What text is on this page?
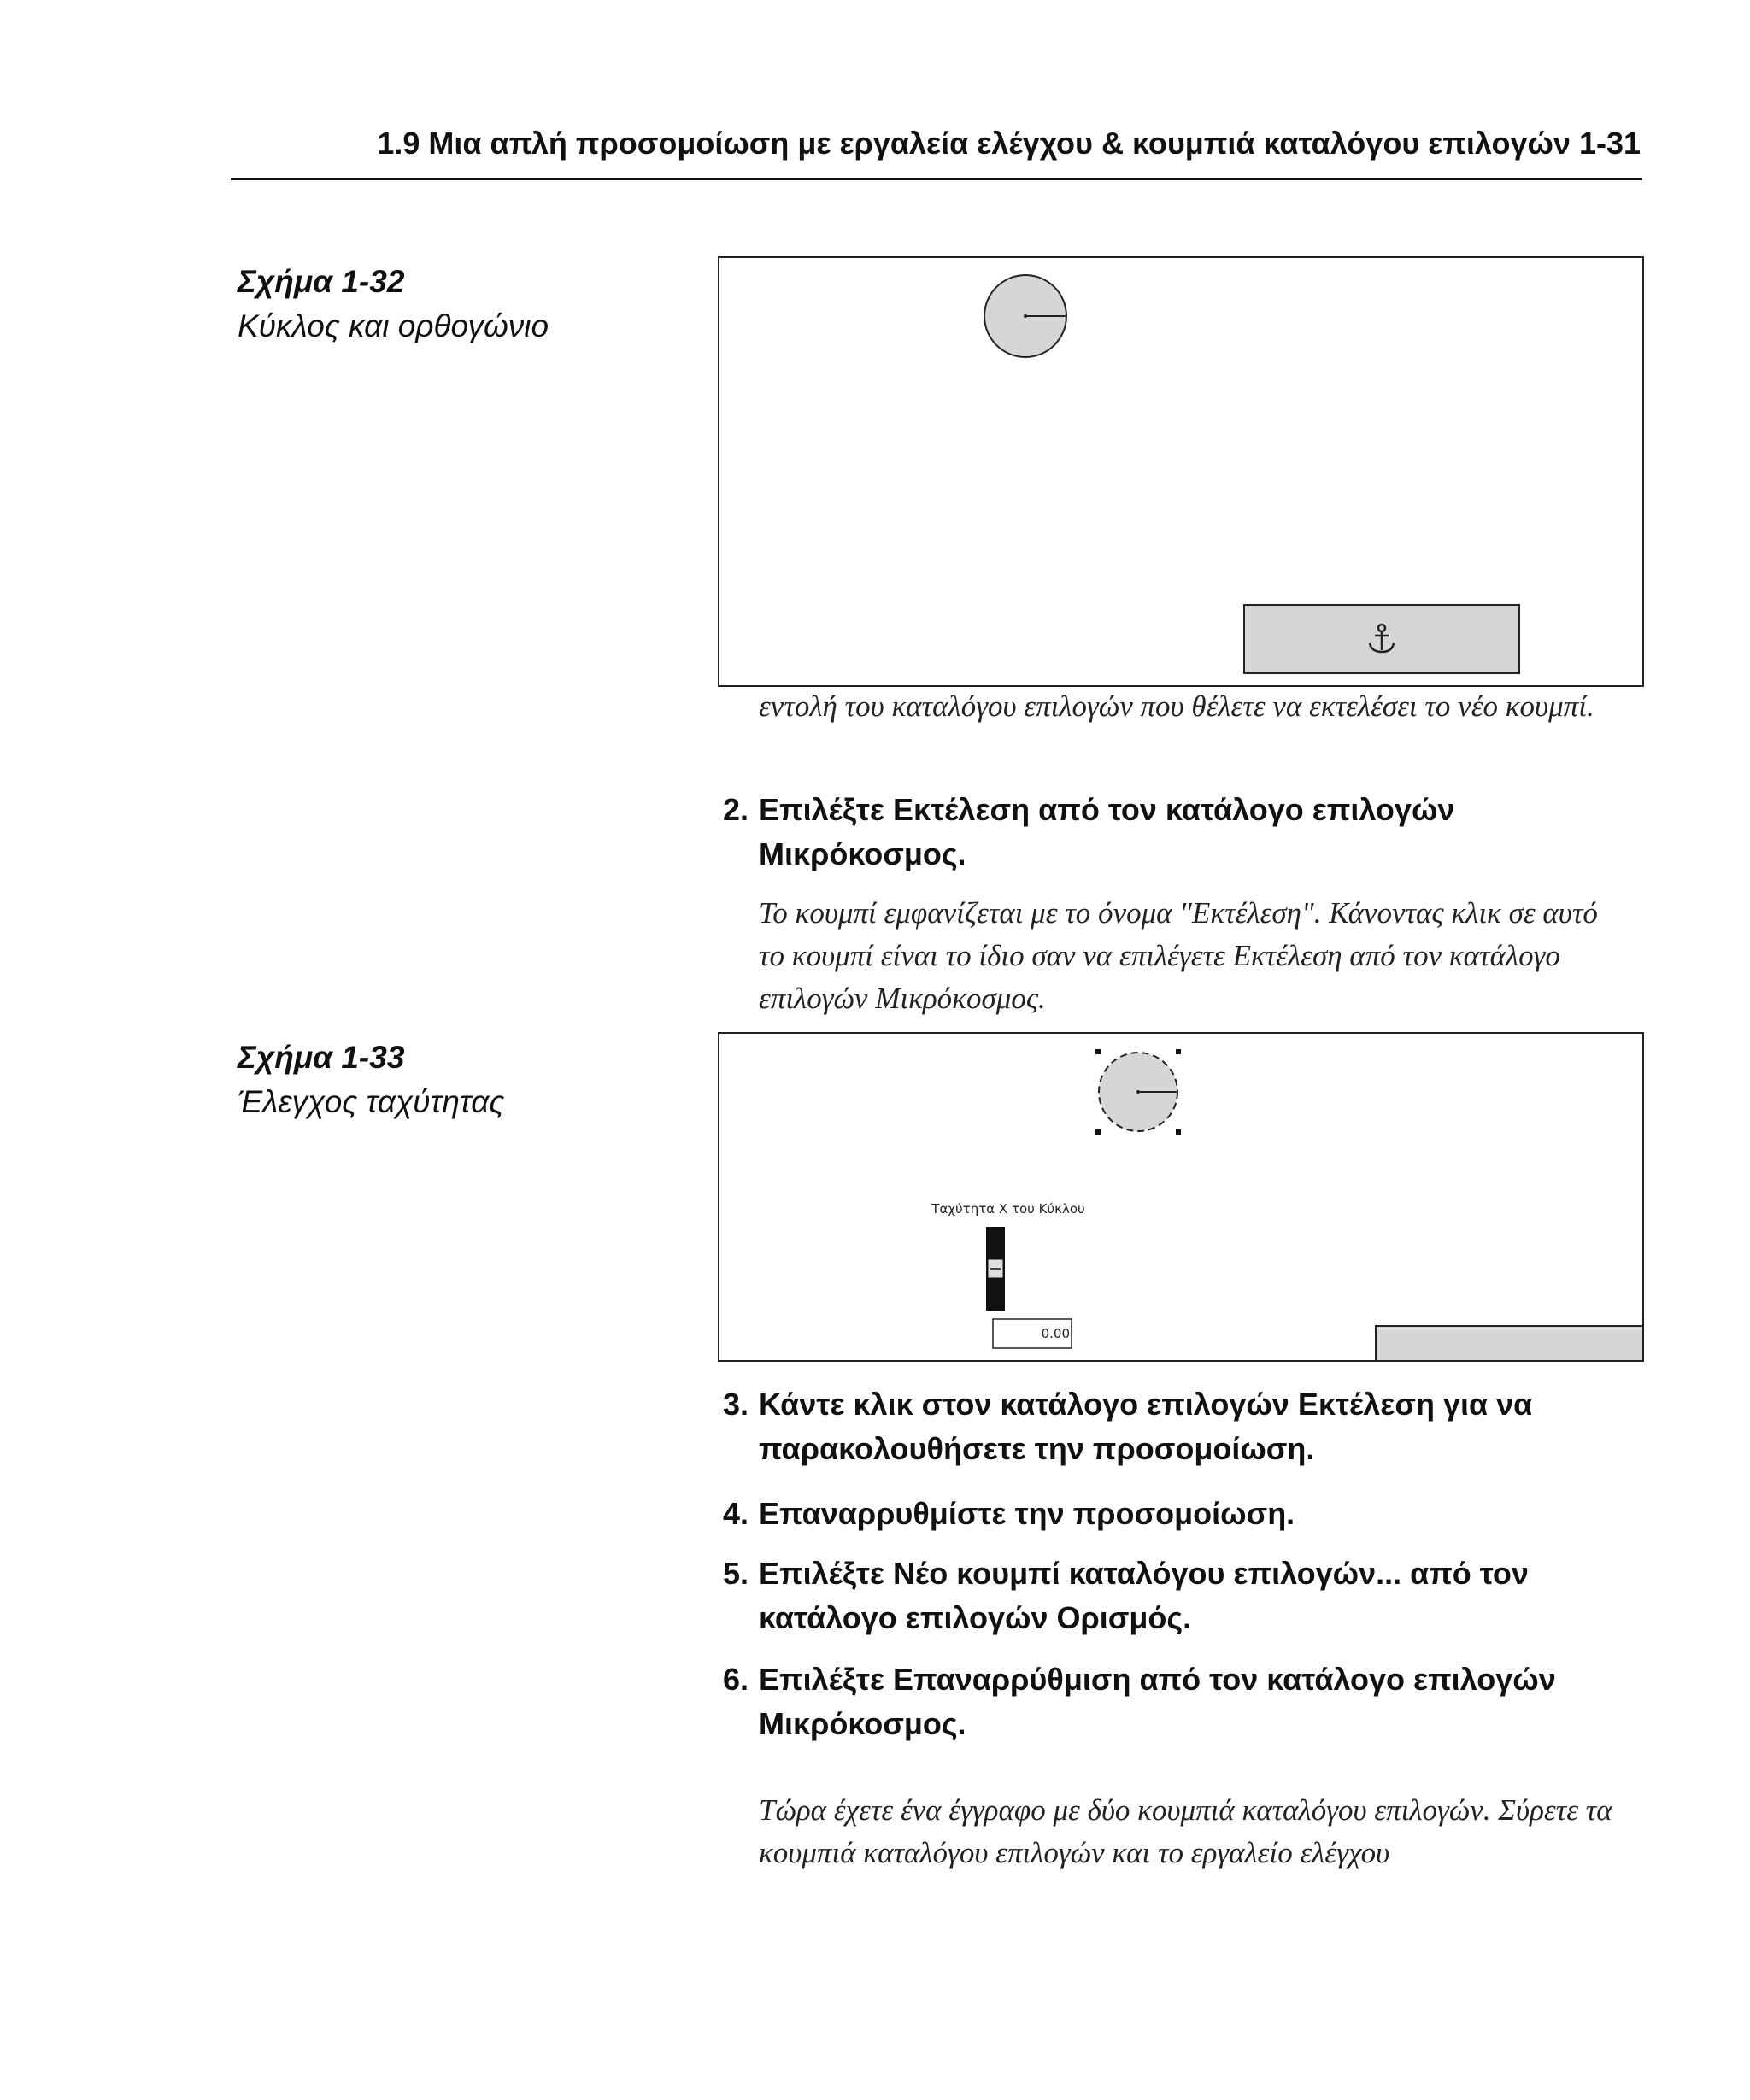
1.9 Μια απλή προσομοίωση με εργαλεία ελέγχου & κουμπιά καταλόγου επιλογών 1-31
Σχήμα 1-32
Κύκλος και ορθογώνιο
εντολή του καταλόγου επιλογών που θέλετε να εκτελέσει το νέο κουμπί.
2. Επιλέξτε Εκτέλεση από τον κατάλογο επιλογών Μικρόκοσμος.
Το κουμπί εμφανίζεται με το όνομα "Εκτέλεση". Κάνοντας κλικ σε αυτό το κουμπί είναι το ίδιο σαν να επιλέγετε Εκτέλεση από τον κατάλογο επιλογών Μικρόκοσμος.
Σχήμα 1-33
Έλεγχος ταχύτητας
Ταχύτητα Χ του Κύκλου
0.00
3. Κάντε κλικ στον κατάλογο επιλογών Εκτέλεση για να παρακολουθήσετε την προσομοίωση.
4. Επαναρρυθμίστε την προσομοίωση.
5. Επιλέξτε Νέο κουμπί καταλόγου επιλογών... από τον κατάλογο επιλογών Ορισμός.
6. Επιλέξτε Επαναρρύθμιση από τον κατάλογο επιλογών Μικρόκοσμος.
Τώρα έχετε ένα έγγραφο με δύο κουμπιά καταλόγου επιλογών. Σύρετε τα κουμπιά καταλόγου επιλογών και το εργαλείο ελέγχου
